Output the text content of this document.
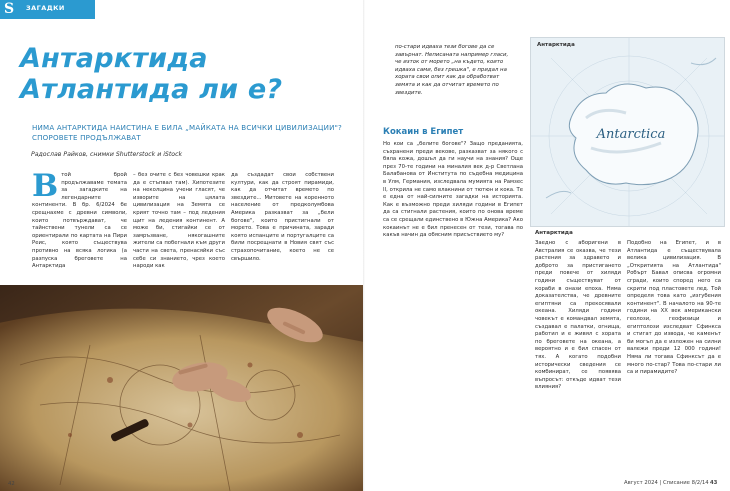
S ЗАГАДКИ
Антарктида
Атлантида ли е?
НИМА АНТАРКТИДА НАИСТИНА Е БИЛА „МАЙКАТА НА ВСИЧКИ ЦИВИЛИЗАЦИИ"? СПОРОВЕТЕ ПРОДЪЛЖАВАТ
Радослав Райков, снимки Shutterstock и iStock
В той брой продължаваме темата за загадките на легендарните континенти. В бр. 6/2024 бе срещнахме с древни символи, които потвърждават, че тайнствени тунели са се ориентирали по картата на Пири Реис, която съществува противно на всяка логика (а разпуска бреговете на Антарктида
– без очите с без човешки крак да е стъпвал там). Хипотезите на неколцина учени гласят, че изворите на цялата цивилизация на Земята се крият точно там – под ледения щит на ледения континент. А може би, стигайки се от замръзване, някогашните жители са побегнали към други части на света, пренасяйки със себе си знанието, чрез което народи как
да създадат свои собствени култури, как да строят пирамиди, как да отчитат времето по звездите... Митовете на коренното население от предколумбова Америка разказват за „бели богове", които пристигнали от морето. Това е причината, заради която испанците и португалците са били посрещнати в Новия свят със страхопочитание, което не се свършило.
42
по-стари идваха тези богове да се завърнат. Неписаната например гласи, че изток от морето „на където, които идваха сами, без грешка", е придал на хората свои опит как да обработват земята и как да отчитат времето по звездите.
Антарктида
Antarctica
Антарктида
Кокаин в Египет
Но кои са „белите богове"? Защо преданията, съхранени преди векове, разказват за някого с бяла кожа, дошъл да ги научи на знания? Още през 70-те години на миналия век д-р Светлана Балабанова от Института по съдебна медицина в Улм, Германия, изследвала мумията на Рамзес II, открила не само влакнини от тютюн и кока. Те е една от най-силните загадки на историята. Как е възможно преди хиляди години в Египет да са стигнали растения, които по онова време са се срещали единствено в Южна Америка? Ако кокаинът не е бил пренесен от тези, тогава по какъв начин да обясним присъствието му?
Заедно с аборигени в Австралия се оказва, че тези растения за здравето и доброто за пристигането преди повече от хиляди години съществуват от кораби в онази епоха. Няма доказателства, че древните египтяни са прекосявали океана. Хиляди години човекът е командвал земята, създавал е палатки, огнища, работил и е живял с хората по бреговете на океана, а вероятно и е бил спасен от тях. А когато подобни исторически сведения се комбинират, се появява въпросът: откъде идват тези влияния?
Подобно на Египет, и в Атлантида е съществувала велика цивилизация. В „Откритията на Атлантида" Робърт Бавал описва огромни сгради, които според него са скрити под пластовете лед. Той определя това като „изгубения континент". В началото на 90-те години на ХХ век американски геолози, геофизици и египтолози изследват Сфинкса и стигат до извода, че каменът би могъл да е изложен на силни валежи преди 12 000 години! Няма ли тогава Сфинксът да е много по-стар? Това по-стари ли са и пирамидите?
Август 2024 | Списание 8/2/14 43
